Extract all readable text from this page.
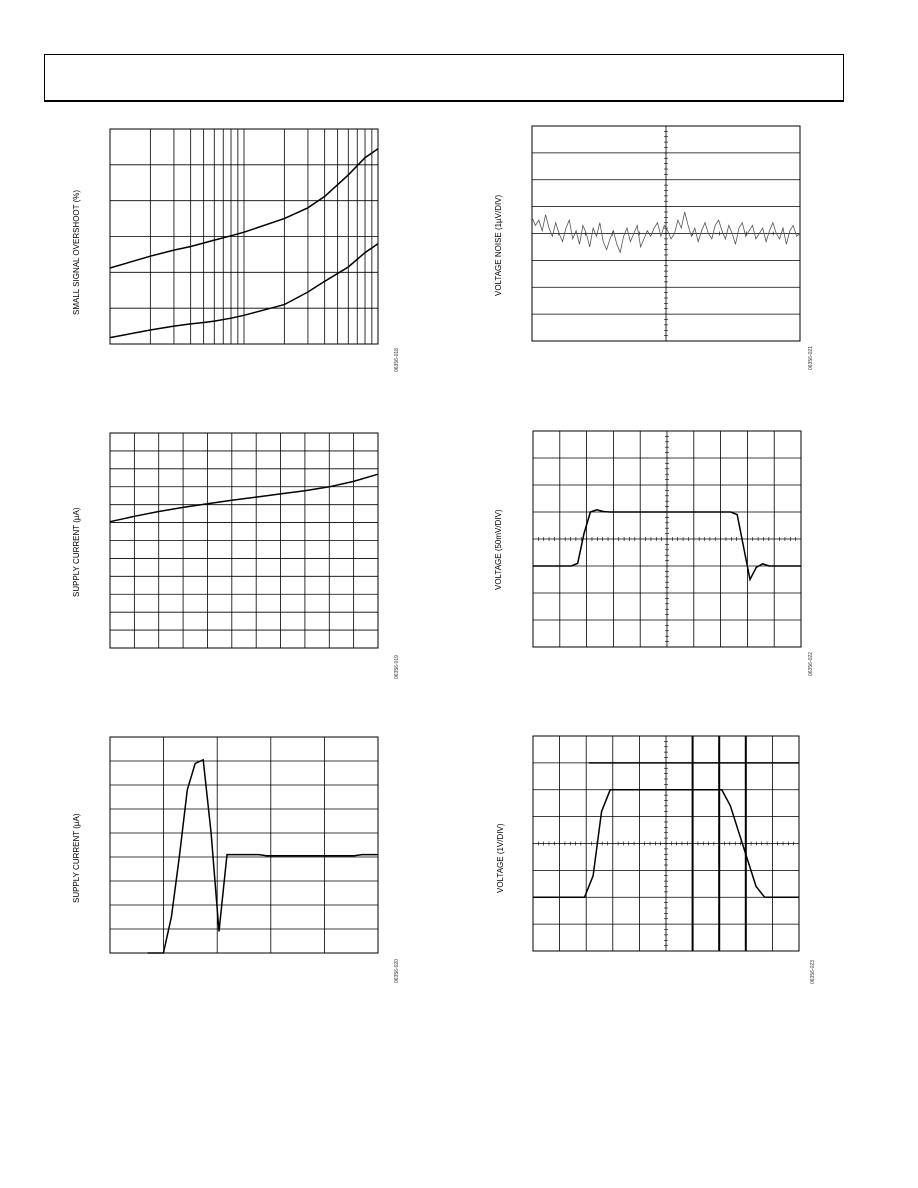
SMALL SIGNAL OVERSHOOT (%)
06356-018
VOLTAGE NOISE (1µV/DIV)
06356-021
SUPPLY CURRENT (µA)
06356-019
VOLTAGE (50mV/DIV)
06356-022
SUPPLY CURRENT (µA)
06356-020
VOLTAGE (1V/DIV)
06356-023
